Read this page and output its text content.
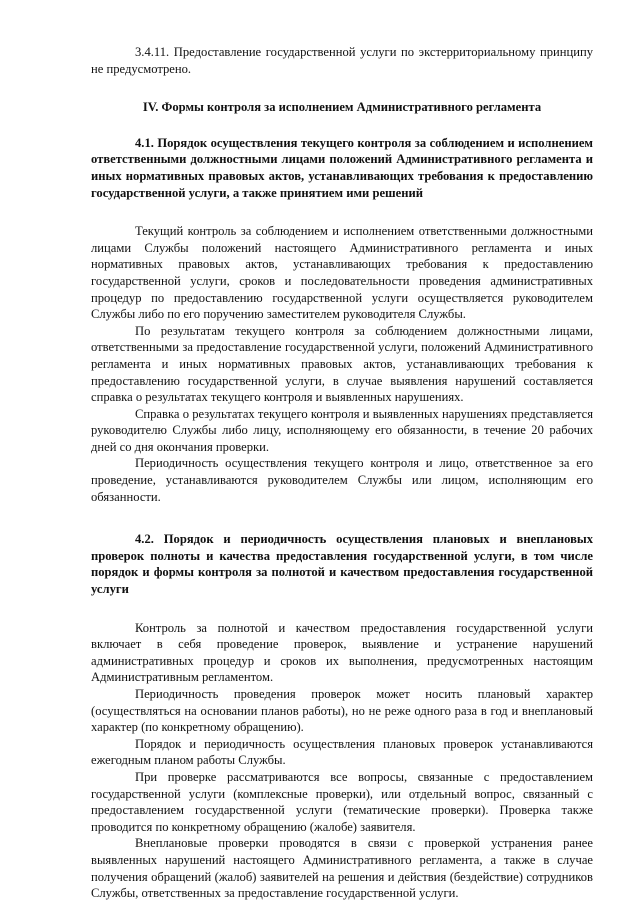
3.4.11. Предоставление государственной услуги по экстерриториальному принципу не предусмотрено.

IV. Формы контроля за исполнением Административного регламента

4.1. Порядок осуществления текущего контроля за соблюдением и исполнением ответственными должностными лицами положений Административного регламента и иных нормативных правовых актов, устанавливающих требования к предоставлению государственной услуги, а также принятием ими решений

Текущий контроль за соблюдением и исполнением ответственными должностными лицами Службы положений настоящего Административного регламента и иных нормативных правовых актов, устанавливающих требования к предоставлению государственной услуги, сроков и последовательности проведения административных процедур по предоставлению государственной услуги осуществляется руководителем Службы либо по его поручению заместителем руководителя Службы.

По результатам текущего контроля за соблюдением должностными лицами, ответственными за предоставление государственной услуги, положений Административного регламента и иных нормативных правовых актов, устанавливающих требования к предоставлению государственной услуги, в случае выявления нарушений составляется справка о результатах текущего контроля и выявленных нарушениях.

Справка о результатах текущего контроля и выявленных нарушениях представляется руководителю Службы либо лицу, исполняющему его обязанности, в течение 20 рабочих дней со дня окончания проверки.

Периодичность осуществления текущего контроля и лицо, ответственное за его проведение, устанавливаются руководителем Службы или лицом, исполняющим его обязанности.

4.2. Порядок и периодичность осуществления плановых и внеплановых проверок полноты и качества предоставления государственной услуги, в том числе порядок и формы контроля за полнотой и качеством предоставления государственной услуги

Контроль за полнотой и качеством предоставления государственной услуги включает в себя проведение проверок, выявление и устранение нарушений административных процедур и сроков их выполнения, предусмотренных настоящим Административным регламентом.

Периодичность проведения проверок может носить плановый характер (осуществляться на основании планов работы), но не реже одного раза в год и внеплановый характер (по конкретному обращению).

Порядок и периодичность осуществления плановых проверок устанавливаются ежегодным планом работы Службы.

При проверке рассматриваются все вопросы, связанные с предоставлением государственной услуги (комплексные проверки), или отдельный вопрос, связанный с предоставлением государственной услуги (тематические проверки). Проверка также проводится по конкретному обращению (жалобе) заявителя.

Внеплановые проверки проводятся в связи с проверкой устранения ранее выявленных нарушений настоящего Административного регламента, а также в случае получения обращений (жалоб) заявителей на решения и действия (бездействие) сотрудников Службы, ответственных за предоставление государственной услуги.
